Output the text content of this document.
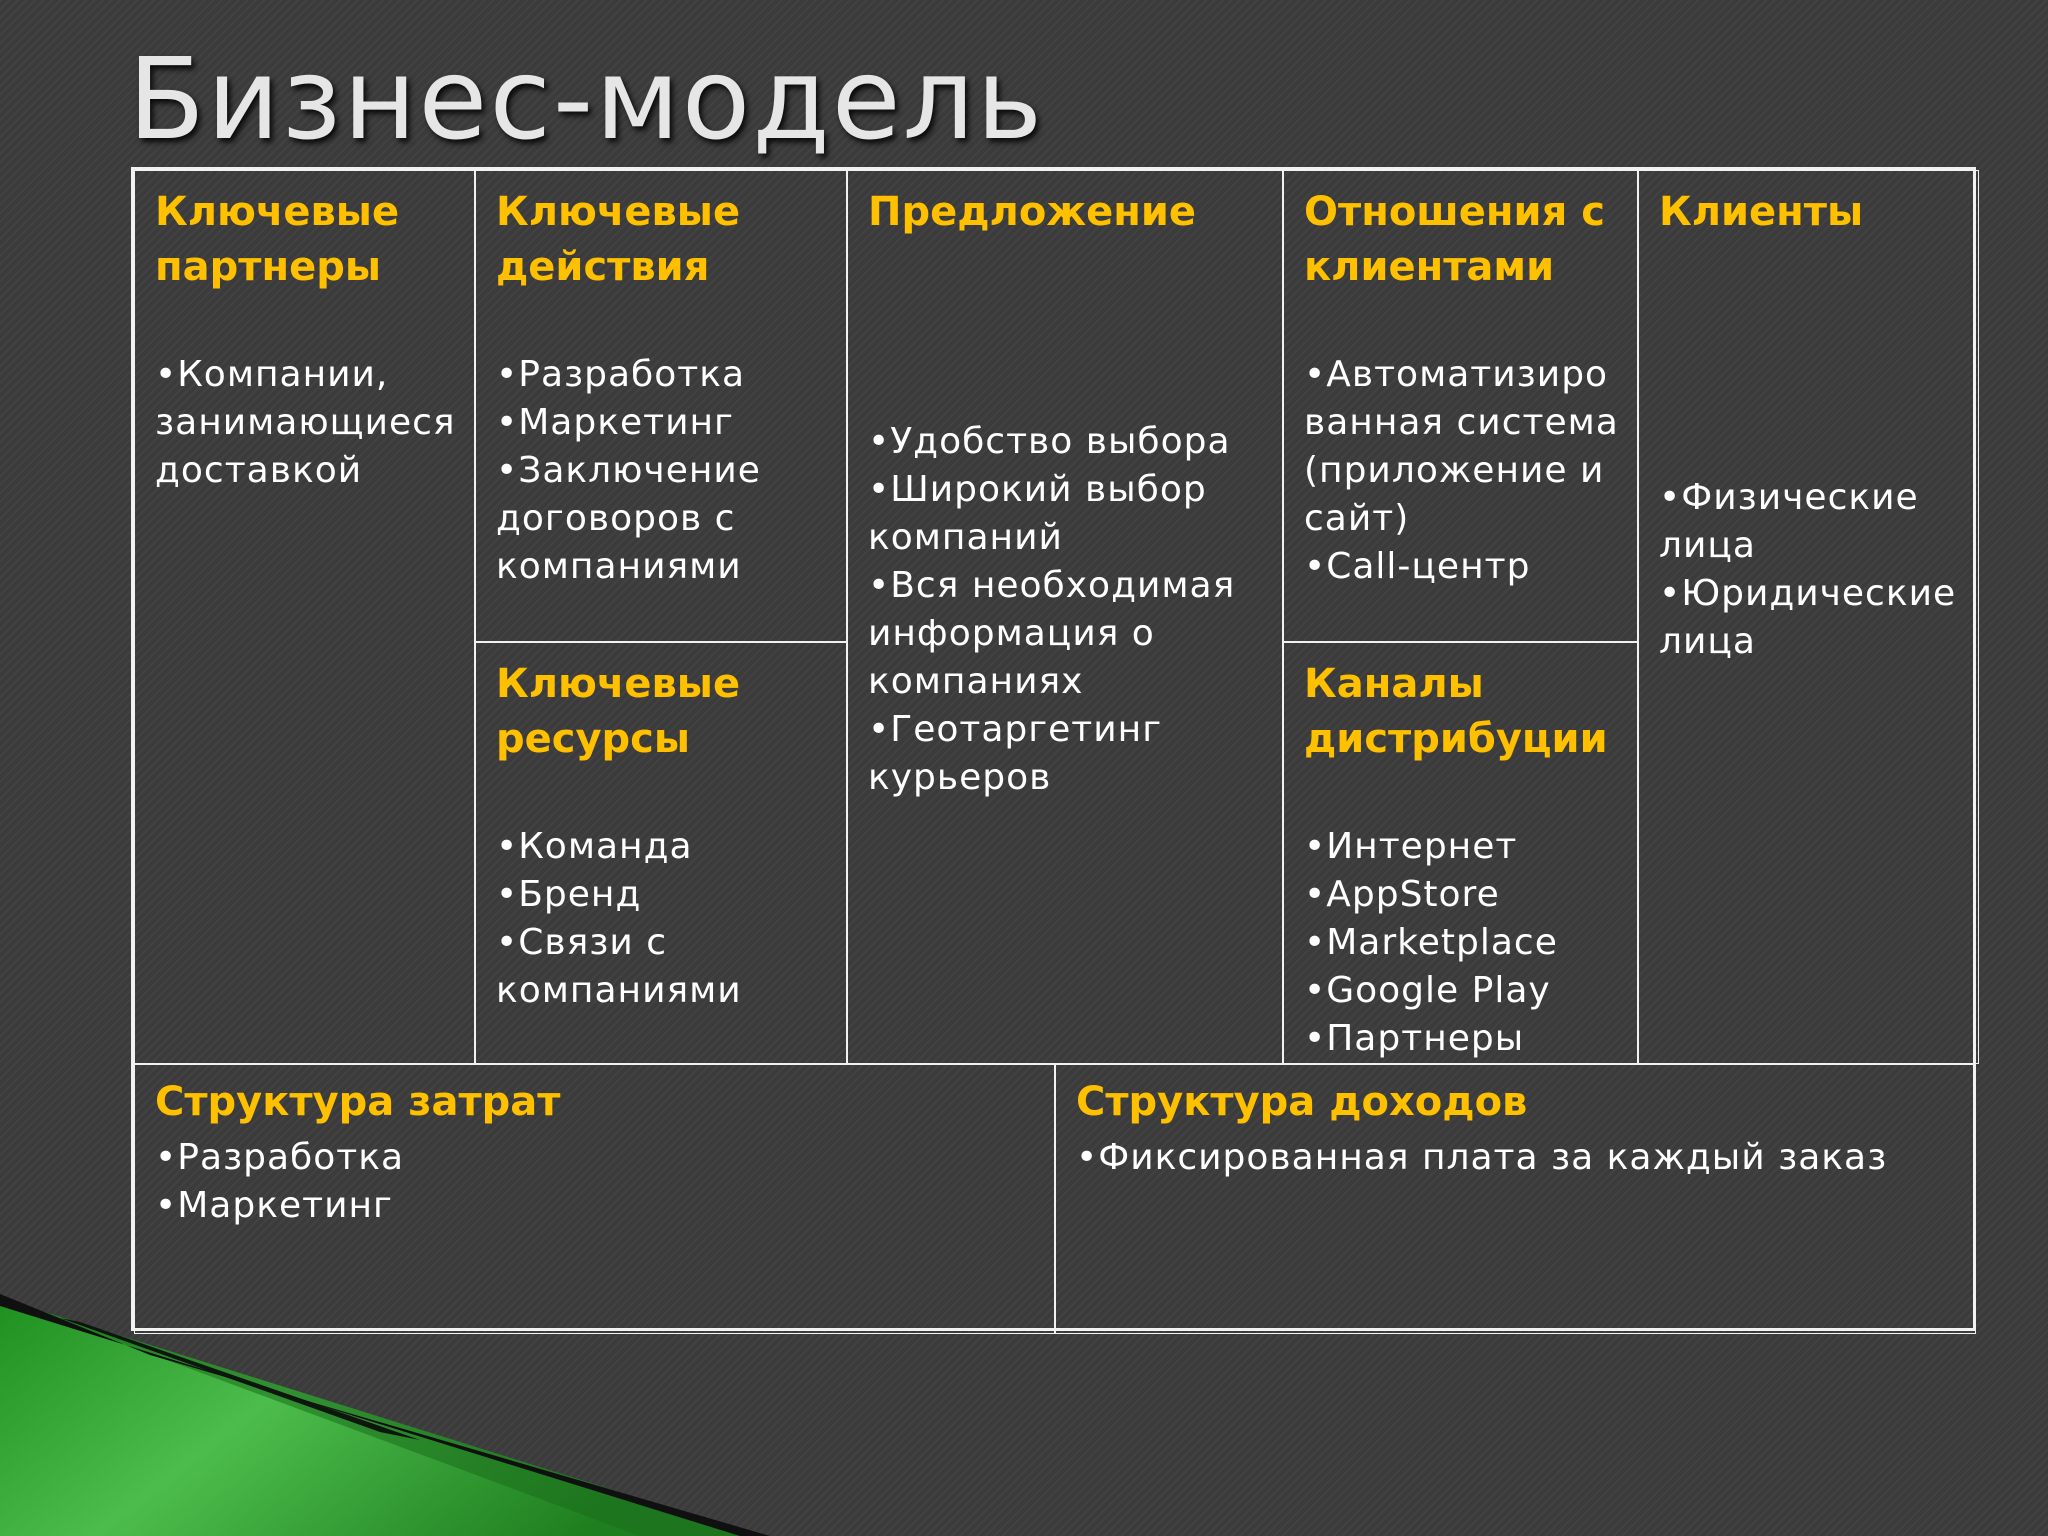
Бизнес-модель
Ключевые
партнеры
• Компании, занимающиеся доставкой
Ключевые
действия
• Разработка
• Маркетинг
• Заключение договоров с компаниями
Ключевые
ресурсы
• Команда
• Бренд
• Связи с компаниями
Предложение
• Удобство выбора
• Широкий выбор компаний
• Вся необходимая информация о компаниях
• Геотаргетинг курьеров
Отношения с
клиентами
• Автоматизированная система (приложение и сайт)
• Call-центр
Каналы
дистрибуции
• Интернет
• AppStore
• Marketplace
• Google Play
• Партнеры
Клиенты
• Физические лица
• Юридические лица
Структура затрат
• Разработка
• Маркетинг
Структура доходов
• Фиксированная плата за каждый заказ
